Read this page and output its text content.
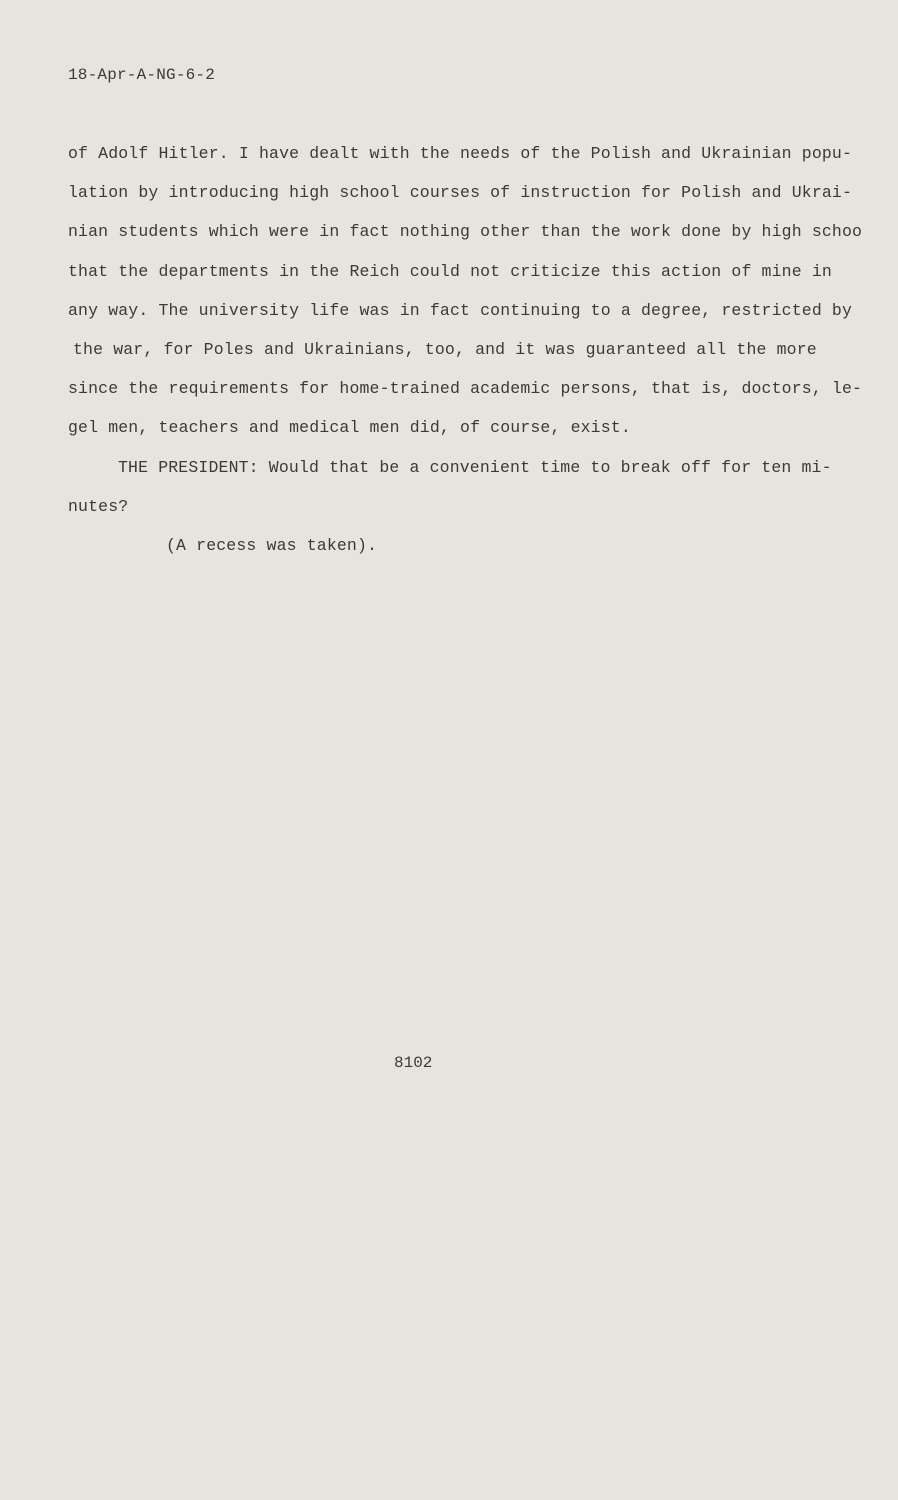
18-Apr-A-NG-6-2
of Adolf Hitler. I have dealt with the needs of the Polish and Ukrainian popu-
lation by introducing high school courses of instruction for Polish and Ukrai-
nian students which were in fact nothing other than the work done by high schoo
that the departments in the Reich could not criticize this action of mine in
any way. The university life was in fact continuing to a degree, restricted by
the war, for Poles and Ukrainians, too, and it was guaranteed all the more
since the requirements for home-trained academic persons, that is, doctors, le-
gel men, teachers and medical men did, of course, exist.
THE PRESIDENT: Would that be a convenient time to break off for ten mi-
nutes?
(A recess was taken).
8102
